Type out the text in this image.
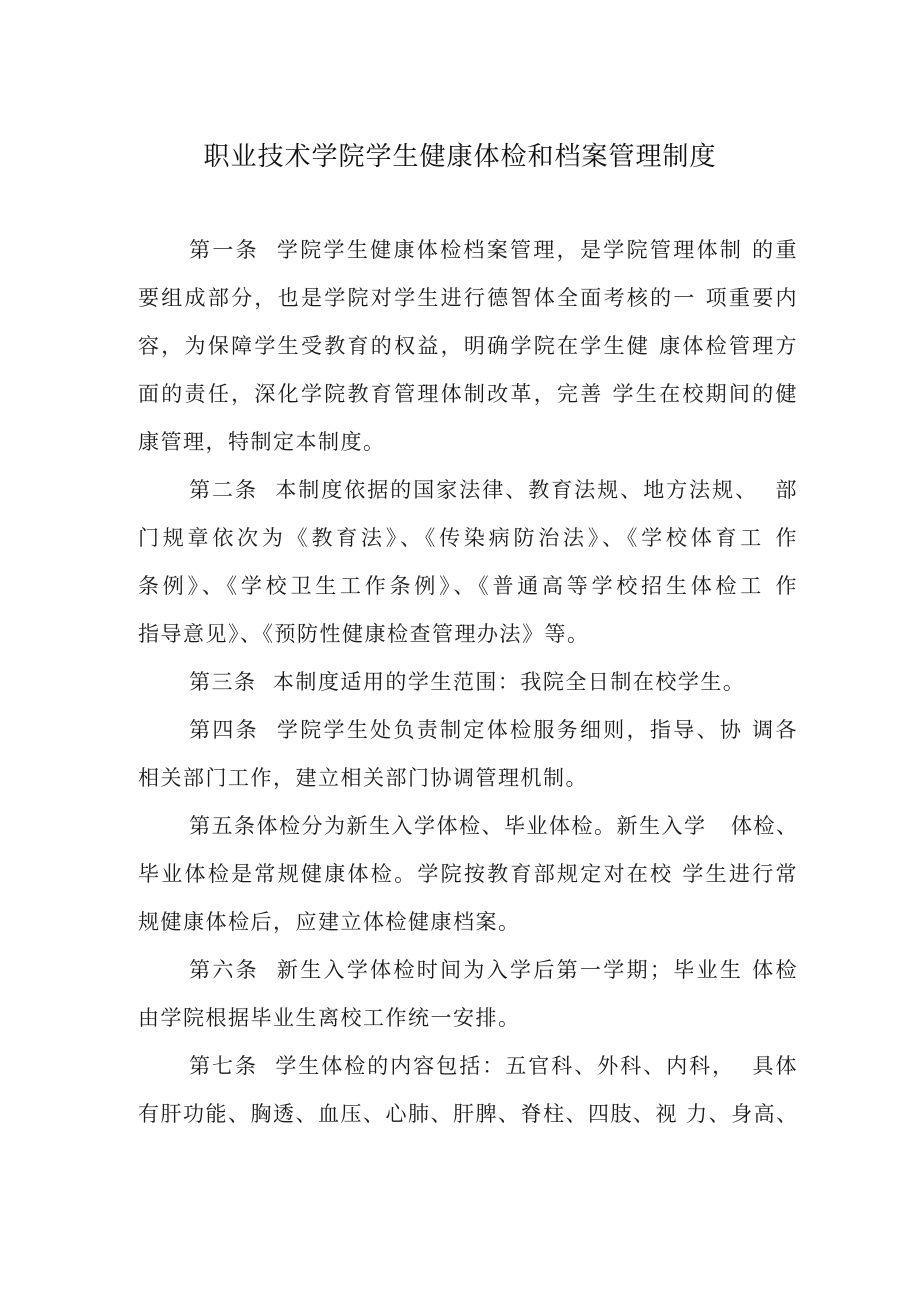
职业技术学院学生健康体检和档案管理制度
第一条  学院学生健康体检档案管理，是学院管理体制 的重
要组成部分，也是学院对学生进行德智体全面考核的一 项重要内
容，为保障学生受教育的权益，明确学院在学生健 康体检管理方
面的责任，深化学院教育管理体制改革，完善 学生在校期间的健
康管理，特制定本制度。
第二条  本制度依据的国家法律、教育法规、地方法规、  部
门规章依次为《教育法》、《传染病防治法》、《学校体育工 作
条例》、《学校卫生工作条例》、《普通高等学校招生体检工 作
指导意见》、《预防性健康检查管理办法》等。
第三条  本制度适用的学生范围：我院全日制在校学生。
第四条  学院学生处负责制定体检服务细则，指导、协 调各
相关部门工作，建立相关部门协调管理机制。
第五条体检分为新生入学体检、毕业体检。新生入学   体检、
毕业体检是常规健康体检。学院按教育部规定对在校 学生进行常
规健康体检后，应建立体检健康档案。
第六条  新生入学体检时间为入学后第一学期；毕业生 体检
由学院根据毕业生离校工作统一安排。
第七条  学生体检的内容包括：五官科、外科、内科，  具体
有肝功能、胸透、血压、心肺、肝脾、脊柱、四肢、视 力、身高、
